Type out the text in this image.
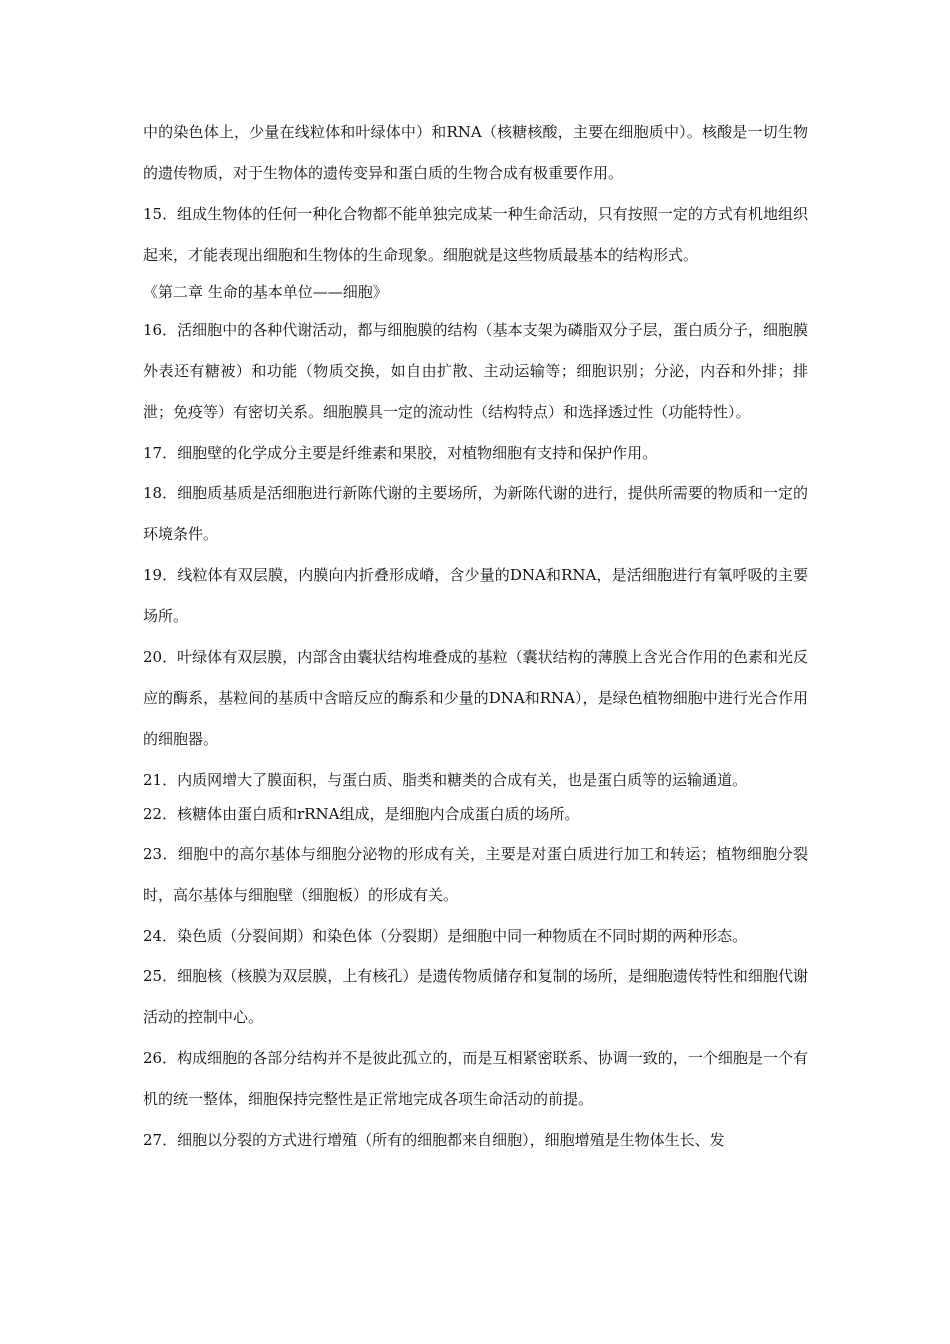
中的染色体上，少量在线粒体和叶绿体中）和RNA（核糖核酸，主要在细胞质中）。核酸是一切生物的遗传物质，对于生物体的遗传变异和蛋白质的生物合成有极重要作用。

15．组成生物体的任何一种化合物都不能单独完成某一种生命活动，只有按照一定的方式有机地组织起来，才能表现出细胞和生物体的生命现象。细胞就是这些物质最基本的结构形式。

《第二章 生命的基本单位——细胞》

16．活细胞中的各种代谢活动，都与细胞膜的结构（基本支架为磷脂双分子层，蛋白质分子，细胞膜外表还有糖被）和功能（物质交换，如自由扩散、主动运输等；细胞识别；分泌，内吞和外排；排泄；免疫等）有密切关系。细胞膜具一定的流动性（结构特点）和选择透过性（功能特性）。

17．细胞壁的化学成分主要是纤维素和果胶，对植物细胞有支持和保护作用。

18．细胞质基质是活细胞进行新陈代谢的主要场所，为新陈代谢的进行，提供所需要的物质和一定的环境条件。

19．线粒体有双层膜，内膜向内折叠形成嵴，含少量的DNA和RNA，是活细胞进行有氧呼吸的主要场所。

20．叶绿体有双层膜，内部含由囊状结构堆叠成的基粒（囊状结构的薄膜上含光合作用的色素和光反应的酶系，基粒间的基质中含暗反应的酶系和少量的DNA和RNA），是绿色植物细胞中进行光合作用的细胞器。

21．内质网增大了膜面积，与蛋白质、脂类和糖类的合成有关，也是蛋白质等的运输通道。

22．核糖体由蛋白质和rRNA组成，是细胞内合成蛋白质的场所。

23．细胞中的高尔基体与细胞分泌物的形成有关，主要是对蛋白质进行加工和转运；植物细胞分裂时，高尔基体与细胞壁（细胞板）的形成有关。

24．染色质（分裂间期）和染色体（分裂期）是细胞中同一种物质在不同时期的两种形态。

25．细胞核（核膜为双层膜，上有核孔）是遗传物质储存和复制的场所，是细胞遗传特性和细胞代谢活动的控制中心。

26．构成细胞的各部分结构并不是彼此孤立的，而是互相紧密联系、协调一致的，一个细胞是一个有机的统一整体，细胞保持完整性是正常地完成各项生命活动的前提。

27．细胞以分裂的方式进行增殖（所有的细胞都来自细胞），细胞增殖是生物体生长、发
